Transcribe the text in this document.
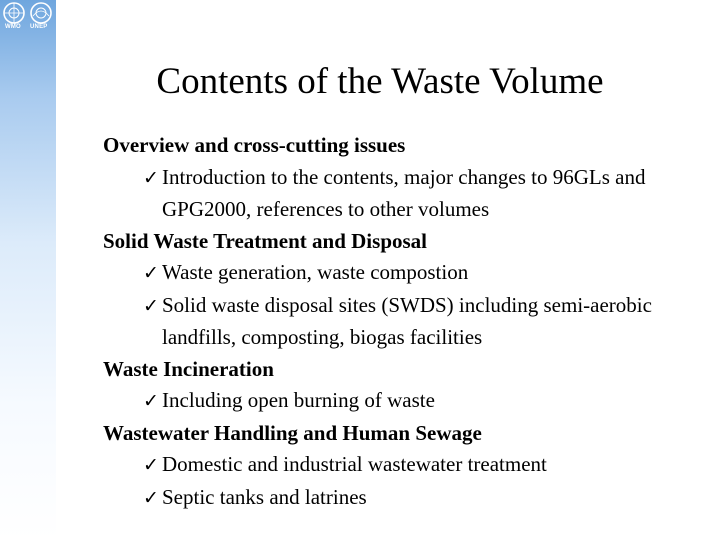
WMO UNEP
Contents of the Waste Volume
Overview and cross-cutting issues
✓ Introduction to the contents, major changes to 96GLs and GPG2000, references to other volumes
Solid Waste Treatment and Disposal
✓ Waste generation, waste compostion
✓ Solid waste disposal sites (SWDS) including semi-aerobic landfills, composting, biogas facilities
Waste Incineration
✓ Including open burning of waste
Wastewater Handling and Human Sewage
✓ Domestic and industrial wastewater treatment
✓ Septic tanks and latrines
